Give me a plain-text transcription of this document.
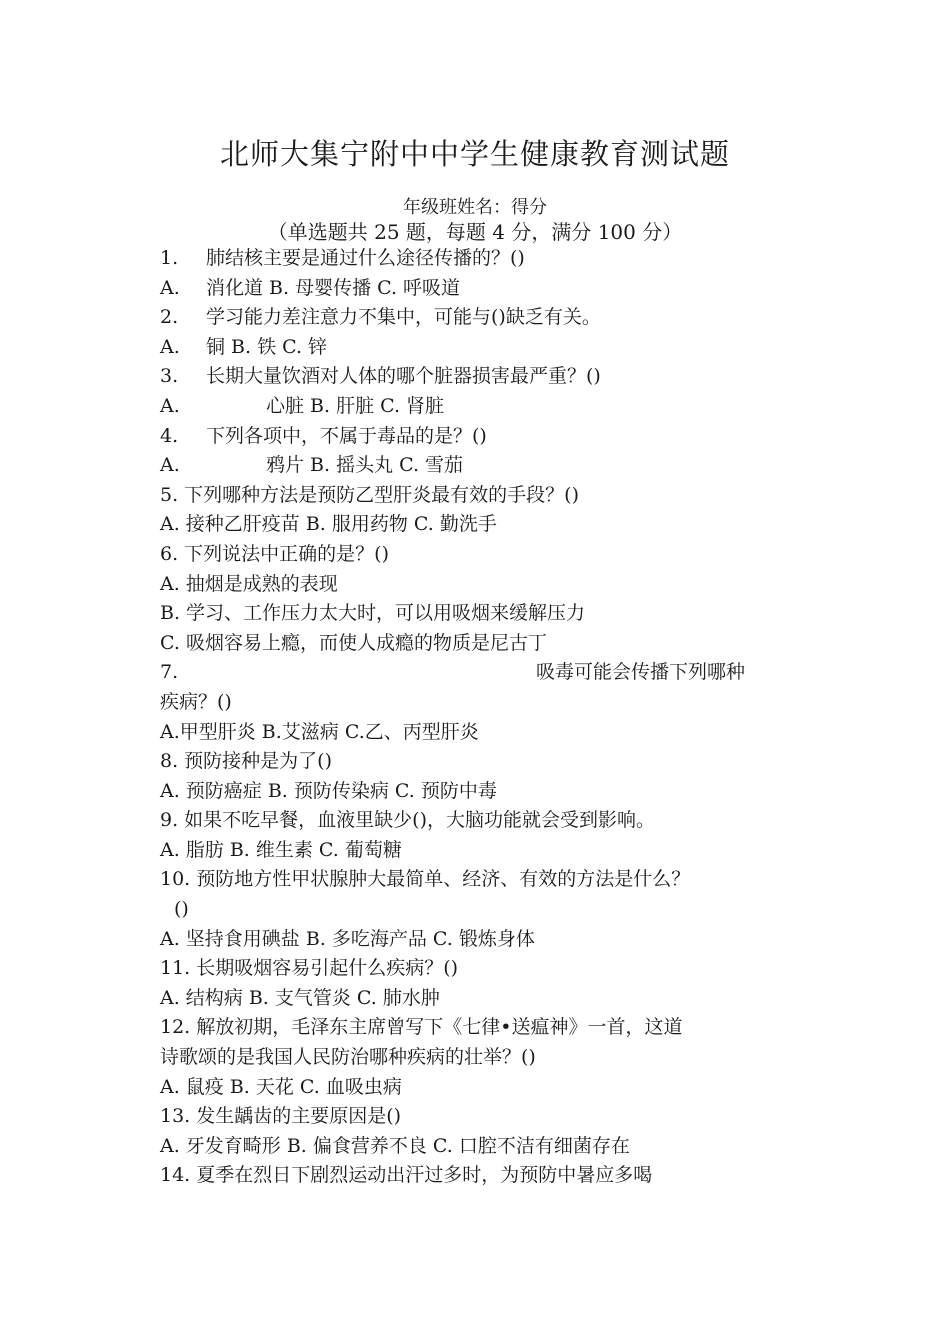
北师大集宁附中中学生健康教育测试题
年级班姓名：得分
（单选题共 25 题，每题 4 分，满分 100 分）
1. 肺结核主要是通过什么途径传播的？()
A. 消化道 B. 母婴传播 C. 呼吸道
2. 学习能力差注意力不集中，可能与()缺乏有关。
A. 铜 B. 铁 C. 锌
3. 长期大量饮酒对人体的哪个脏器损害最严重？()
A.	心脏 B. 肝脏 C. 肾脏
4. 下列各项中，不属于毒品的是？()
A.	鸦片 B. 摇头丸 C. 雪茄
5. 下列哪种方法是预防乙型肝炎最有效的手段？()
A. 接种乙肝疫苗 B. 服用药物 C. 勤洗手
6. 下列说法中正确的是？()
A. 抽烟是成熟的表现
B. 学习、工作压力太大时，可以用吸烟来缓解压力
C. 吸烟容易上瘾，而使人成瘾的物质是尼古丁
7.	吸毒可能会传播下列哪种
疾病？()
A.甲型肝炎 B.艾滋病 C.乙、丙型肝炎
8. 预防接种是为了()
A. 预防癌症 B. 预防传染病 C. 预防中毒
9. 如果不吃早餐，血液里缺少()，大脑功能就会受到影响。
A. 脂肪 B. 维生素 C. 葡萄糖
10. 预防地方性甲状腺肿大最简单、经济、有效的方法是什么？
()
A. 坚持食用碘盐 B. 多吃海产品 C. 锻炼身体
11. 长期吸烟容易引起什么疾病？()
A. 结构病 B. 支气管炎 C. 肺水肿
12. 解放初期，毛泽东主席曾写下《七律•送瘟神》一首，这道
诗歌颂的是我国人民防治哪种疾病的壮举？()
A. 鼠疫 B. 天花 C. 血吸虫病
13. 发生龋齿的主要原因是()
A. 牙发育畸形 B. 偏食营养不良 C. 口腔不洁有细菌存在
14. 夏季在烈日下剧烈运动出汗过多时，为预防中暑应多喝
